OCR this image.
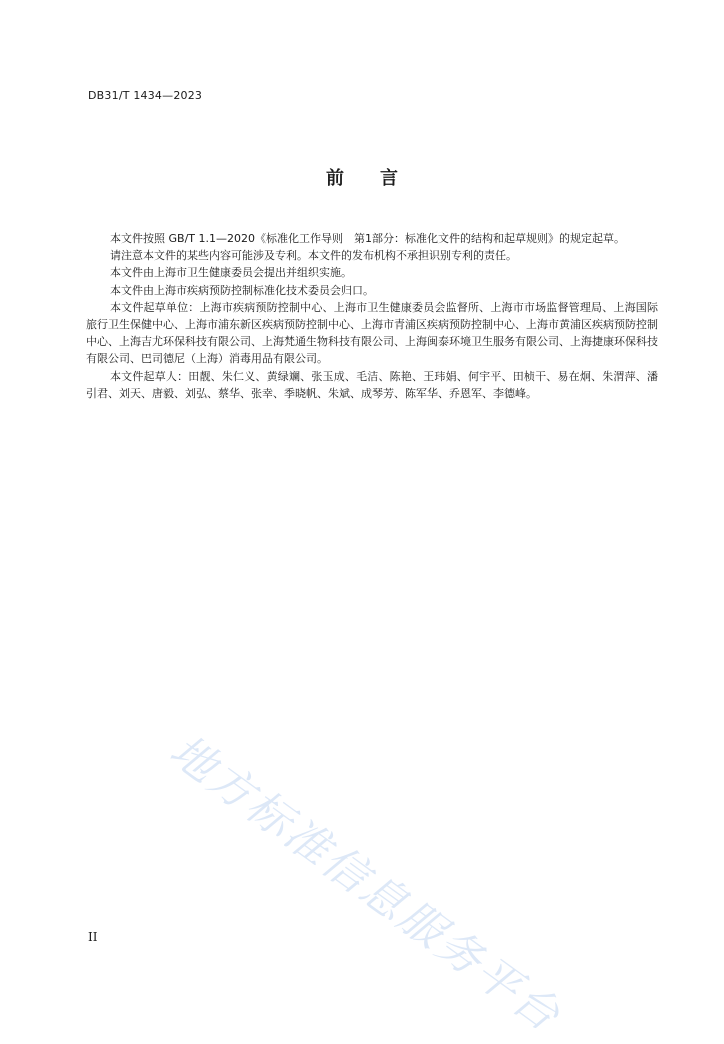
DB31/T 1434—2023
前言

本文件按照 GB/T 1.1—2020《标准化工作导则　第1部分：标准化文件的结构和起草规则》的规定起草。

请注意本文件的某些内容可能涉及专利。本文件的发布机构不承担识别专利的责任。

本文件由上海市卫生健康委员会提出并组织实施。

本文件由上海市疾病预防控制标准化技术委员会归口。

本文件起草单位：上海市疾病预防控制中心、上海市卫生健康委员会监督所、上海市市场监督管理局、上海国际旅行卫生保健中心、上海市浦东新区疾病预防控制中心、上海市青浦区疾病预防控制中心、上海市黄浦区疾病预防控制中心、上海吉尤环保科技有限公司、上海梵通生物科技有限公司、上海闽泰环境卫生服务有限公司、上海捷康环保科技有限公司、巴司德尼（上海）消毒用品有限公司。

本文件起草人：田靓、朱仁义、黄绿斓、张玉成、毛洁、陈艳、王玮娟、何宇平、田桢干、易在炯、朱渭萍、潘引君、刘天、唐毅、刘弘、蔡华、张幸、季晓帆、朱斌、成琴芳、陈军华、乔恩军、李德峰。

地方标准信息服务平台
II
